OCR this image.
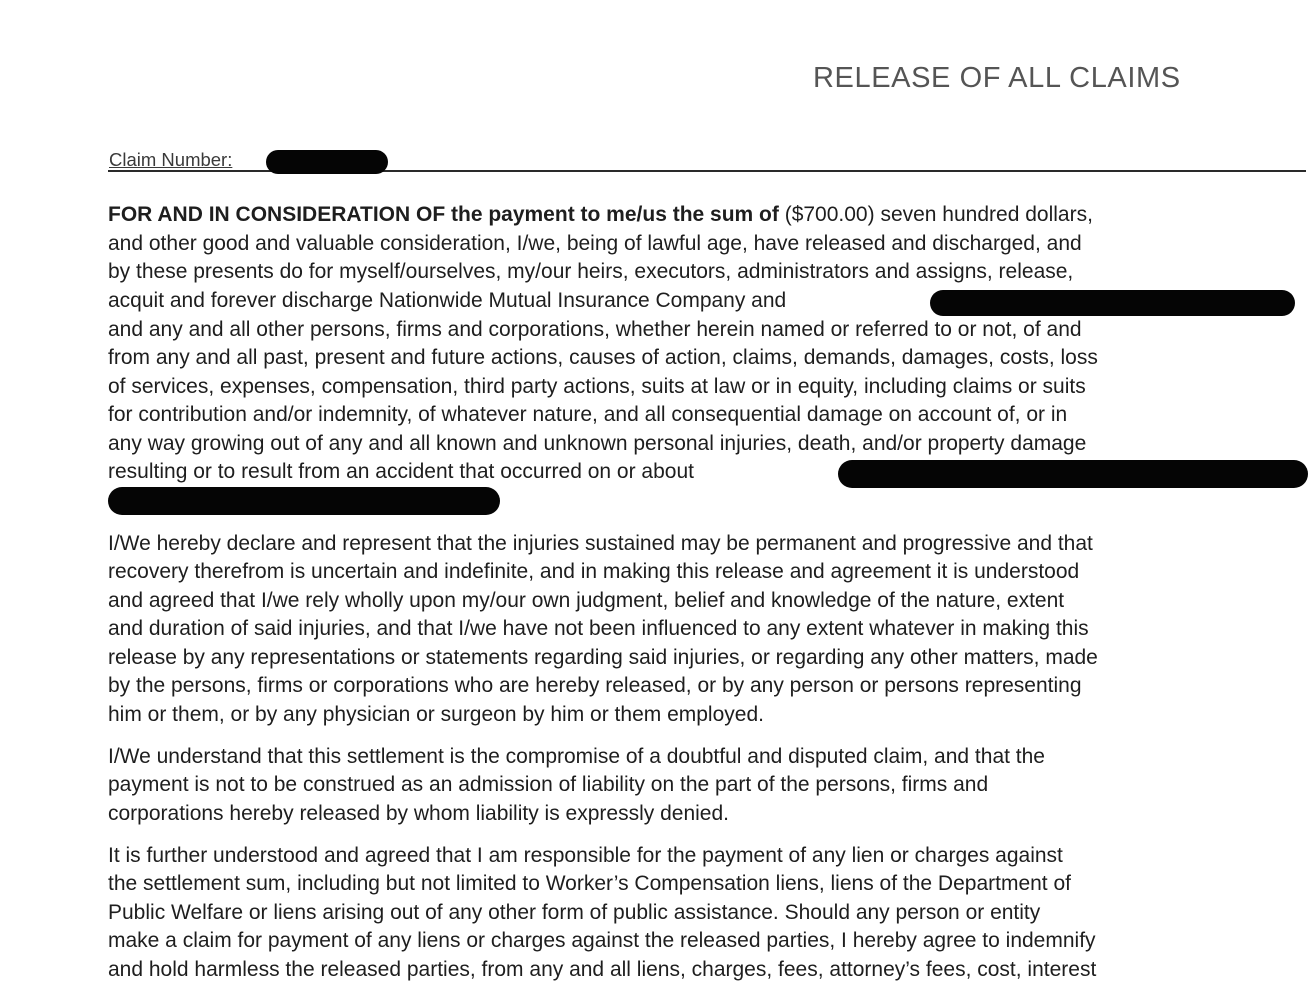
RELEASE OF ALL CLAIMS
Claim Number:
FOR AND IN CONSIDERATION OF the payment to me/us the sum of ($700.00) seven hundred dollars,
and other good and valuable consideration, I/we, being of lawful age, have released and discharged, and
by these presents do for myself/ourselves, my/our heirs, executors, administrators and assigns, release,
acquit and forever discharge Nationwide Mutual Insurance Company and
and any and all other persons, firms and corporations, whether herein named or referred to or not, of and
from any and all past, present and future actions, causes of action, claims, demands, damages, costs, loss
of services, expenses, compensation, third party actions, suits at law or in equity, including claims or suits
for contribution and/or indemnity, of whatever nature, and all consequential damage on account of, or in
any way growing out of any and all known and unknown personal injuries, death, and/or property damage
resulting or to result from an accident that occurred on or about
I/We hereby declare and represent that the injuries sustained may be permanent and progressive and that
recovery therefrom is uncertain and indefinite, and in making this release and agreement it is understood
and agreed that I/we rely wholly upon my/our own judgment, belief and knowledge of the nature, extent
and duration of said injuries, and that I/we have not been influenced to any extent whatever in making this
release by any representations or statements regarding said injuries, or regarding any other matters, made
by the persons, firms or corporations who are hereby released, or by any person or persons representing
him or them, or by any physician or surgeon by him or them employed.
I/We understand that this settlement is the compromise of a doubtful and disputed claim, and that the
payment is not to be construed as an admission of liability on the part of the persons, firms and
corporations hereby released by whom liability is expressly denied.
It is further understood and agreed that I am responsible for the payment of any lien or charges against
the settlement sum, including but not limited to Worker’s Compensation liens, liens of the Department of
Public Welfare or liens arising out of any other form of public assistance. Should any person or entity
make a claim for payment of any liens or charges against the released parties, I hereby agree to indemnify
and hold harmless the released parties, from any and all liens, charges, fees, attorney’s fees, cost, interest
